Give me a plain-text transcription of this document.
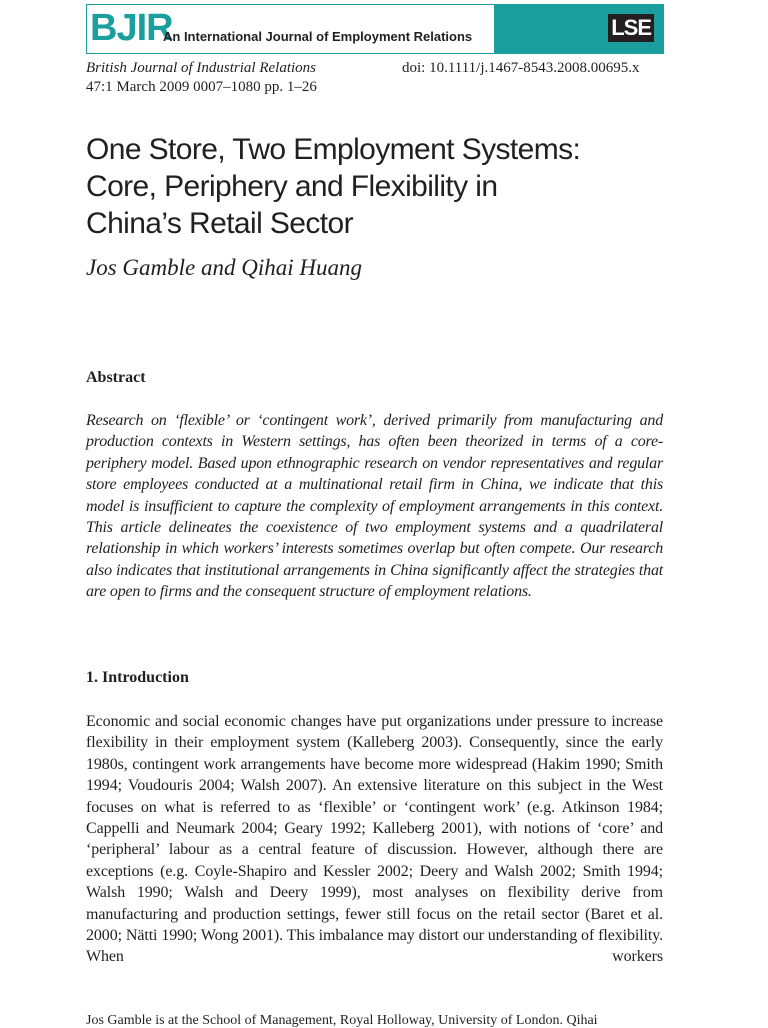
BJIR
An International Journal of Employment Relations	LSE
British Journal of Industrial Relations	doi: 10.1111/j.1467-8543.2008.00695.x
47:1 March 2009 0007–1080 pp. 1–26
One Store, Two Employment Systems:
Core, Periphery and Flexibility in
China’s Retail Sector
Jos Gamble and Qihai Huang
Abstract

Research on ‘flexible’ or ‘contingent work’, derived primarily from manufacturing and production contexts in Western settings, has often been theorized in terms of a core-periphery model. Based upon ethnographic research on vendor representatives and regular store employees conducted at a multinational retail firm in China, we indicate that this model is insufficient to capture the complexity of employment arrangements in this context. This article delineates the coexistence of two employment systems and a quadrilateral relationship in which workers’ interests sometimes overlap but often compete. Our research also indicates that institutional arrangements in China significantly affect the strategies that are open to firms and the consequent structure of employment relations.

1. Introduction

Economic and social economic changes have put organizations under pressure to increase flexibility in their employment system (Kalleberg 2003). Consequently, since the early 1980s, contingent work arrangements have become more widespread (Hakim 1990; Smith 1994; Voudouris 2004; Walsh 2007). An extensive literature on this subject in the West focuses on what is referred to as ‘flexible’ or ‘contingent work’ (e.g. Atkinson 1984; Cappelli and Neumark 2004; Geary 1992; Kalleberg 2001), with notions of ‘core’ and ‘peripheral’ labour as a central feature of discussion. However, although there are exceptions (e.g. Coyle-Shapiro and Kessler 2002; Deery and Walsh 2002; Smith 1994; Walsh 1990; Walsh and Deery 1999), most analyses on flexibility derive from manufacturing and production settings, fewer still focus on the retail sector (Baret et al. 2000; Nätti 1990; Wong 2001). This imbalance may distort our understanding of flexibility. When workers

Jos Gamble is at the School of Management, Royal Holloway, University of London. Qihai
